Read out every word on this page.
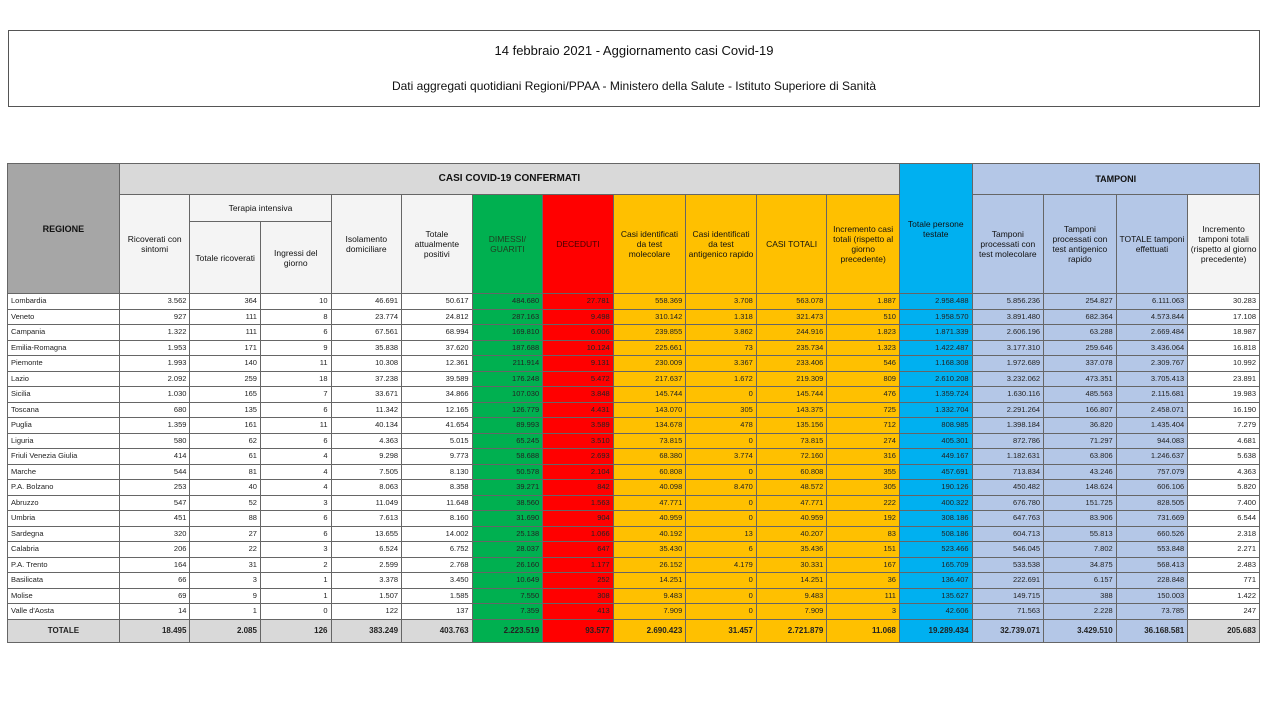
14 febbraio 2021 - Aggiornamento casi Covid-19
Dati aggregati quotidiani Regioni/PPAA - Ministero della Salute - Istituto Superiore di Sanità
REGIONE	CASI COVID-19 CONFERMATI											Totale persone testate	TAMPONI			
	Ricoverati con sintomi	Terapia intensiva		Isolamento domiciliare	Totale attualmente positivi	DIMESSI/ GUARITI	DECEDUTI	Casi identificati da test molecolare	Casi identificati da test antigenico rapido	CASI TOTALI	Incremento casi totali (rispetto al giorno precedente)		Tamponi processati con test molecolare	Tamponi processati con test antigenico rapido	TOTALE tamponi effettuati	Incremento tamponi totali (rispetto al giorno precedente)
		Totale ricoverati	Ingressi del giorno													
Lombardia	3.562	364	10	46.691	50.617	484.680	27.781	558.369	3.708	563.078	1.887	2.958.488	5.856.236	254.827	6.111.063	30.283
Veneto	927	111	8	23.774	24.812	287.163	9.498	310.142	1.318	321.473	510	1.958.570	3.891.480	682.364	4.573.844	17.108
Campania	1.322	111	6	67.561	68.994	169.810	6.006	239.855	3.862	244.916	1.823	1.871.339	2.606.196	63.288	2.669.484	18.987
Emilia-Romagna	1.953	171	9	35.838	37.620	187.688	10.124	225.661	73	235.734	1.323	1.422.487	3.177.310	259.646	3.436.064	16.818
Piemonte	1.993	140	11	10.308	12.361	211.914	9.131	230.009	3.367	233.406	546	1.168.308	1.972.689	337.078	2.309.767	10.992
Lazio	2.092	259	18	37.238	39.589	176.248	5.472	217.637	1.672	219.309	809	2.610.208	3.232.062	473.351	3.705.413	23.891
Sicilia	1.030	165	7	33.671	34.866	107.030	3.848	145.744	0	145.744	476	1.359.724	1.630.116	485.563	2.115.681	19.983
Toscana	680	135	6	11.342	12.165	126.779	4.431	143.070	305	143.375	725	1.332.704	2.291.264	166.807	2.458.071	16.190
Puglia	1.359	161	11	40.134	41.654	89.993	3.589	134.678	478	135.156	712	808.985	1.398.184	36.820	1.435.404	7.279
Liguria	580	62	6	4.363	5.015	65.245	3.510	73.815	0	73.815	274	405.301	872.786	71.297	944.083	4.681
Friuli Venezia Giulia	414	61	4	9.298	9.773	58.688	2.693	68.380	3.774	72.160	316	449.167	1.182.631	63.806	1.246.637	5.638
Marche	544	81	4	7.505	8.130	50.578	2.104	60.808	0	60.808	355	457.691	713.834	43.246	757.079	4.363
P.A. Bolzano	253	40	4	8.063	8.358	39.271	842	40.098	8.470	48.572	305	190.126	450.482	148.624	606.106	5.820
Abruzzo	547	52	3	11.049	11.648	38.560	1.563	47.771	0	47.771	222	400.322	676.780	151.725	828.505	7.400
Umbria	451	88	6	7.613	8.160	31.690	904	40.959	0	40.959	192	308.186	647.763	83.906	731.669	6.544
Sardegna	320	27	6	13.655	14.002	25.138	1.066	40.192	13	40.207	83	508.186	604.713	55.813	660.526	2.318
Calabria	206	22	3	6.524	6.752	28.037	647	35.430	6	35.436	151	523.466	546.045	7.802	553.848	2.271
P.A. Trento	164	31	2	2.599	2.768	26.160	1.177	26.152	4.179	30.331	167	165.709	533.538	34.875	568.413	2.483
Basilicata	66	3	1	3.378	3.450	10.649	252	14.251	0	14.251	36	136.407	222.691	6.157	228.848	771
Molise	69	9	1	1.507	1.585	7.550	308	9.483	0	9.483	111	135.627	149.715	388	150.003	1.422
Valle d'Aosta	14	1	0	122	137	7.359	413	7.909	0	7.909	3	42.606	71.563	2.228	73.785	247
TOTALE	18.495	2.085	126	383.249	403.763	2.223.519	93.577	2.690.423	31.457	2.721.879	11.068	19.289.434	32.739.071	3.429.510	36.168.581	205.683
